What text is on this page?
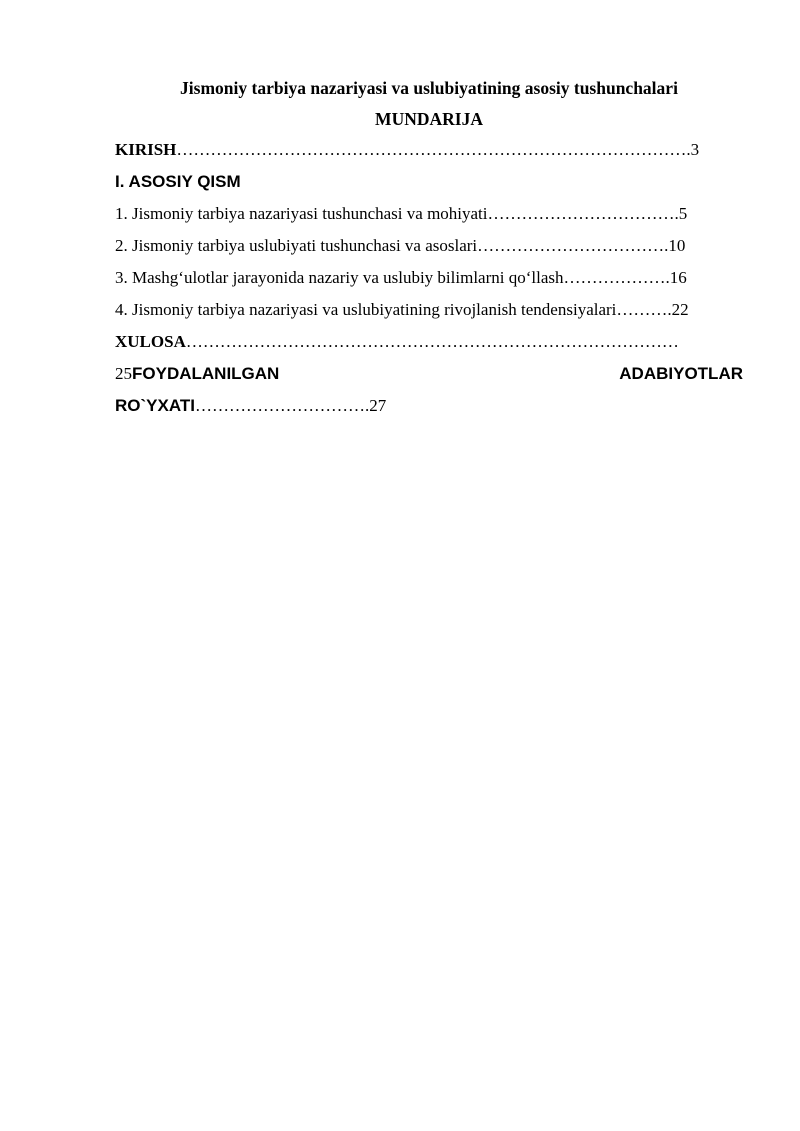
Jismoniy tarbiya nazariyasi va uslubiyatining asosiy tushunchalari

MUNDARIJA

KIRISH……………………………………………………………………………….3
I. ASOSIY QISM
1. Jismoniy tarbiya nazariyasi tushunchasi va mohiyati…………………………….5
2. Jismoniy tarbiya uslubiyati tushunchasi va asoslari…………………………….10
3. Mashg‘ulotlar jarayonida nazariy va uslubiy bilimlarni qo‘llash……………….16
4. Jismoniy tarbiya nazariyasi va uslubiyatining rivojlanish tendensiyalari……….22
XULOSA……………………………………………………………………………
25FOYDALANILGAN	ADABIYOTLAR
RO`YXATI………………………….27
